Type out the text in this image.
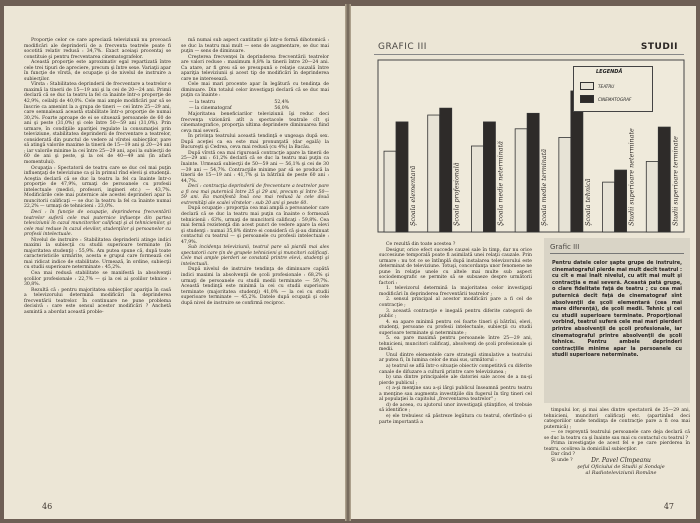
Proporţie celor ce care apreciază televiziunii nu provoacă modificări ale deprinderii de a frecventa teatrele poate fi socotită relativ redusă : 34,7%. Exact aceiaşi procentaj se constituie şi pentru frecventarea cinematografelor.

Această proporţie este aproximativ egal repartizată între cele trei tipuri de apreciere, precum şi între sexe. Variaţii apar în funcţie de vîrstă, de ocupaţie şi de nivelul de instruire a subiecţilor.

Vîrsta : Stabilitatea deprinderii de frecventare a teatrelor e maximă la tinerii de 15—19 ani şi la cei de 20—24 ani. Primii declară că se duc la teatru la fel ca înainte într-o proporţie de 42,9%, ceilalţi de 40,0%. Cele mai ample modificări par să se înscrie ca amenint la a grupa de tineri — cei între 25—29 ani, care semnalează această stabilitate într-o proporţie de numai 30,2%. Foarte aproape de ei se situează persoanele de 60 de ani şi peste (31,0%) şi cele între 50—59 ani (31,0%). Prin urmare, în condiţiile apariţiei regulate la consumaţiei prin televiziune, stabilitatea deprinderii de frecventare a teatrelor, considerată din punctul de vedere al vîrstei subiecţilor, pare să atingă valorile maxime la tinerii de 15—19 ani şi 20—24 ani ; iar valorile minime la cei între 25—29 ani, apoi la subiecţii de 60 de ani şi peste, şi la cei de 40—49 ani (în afară momentului).

Ocupaţia : Spectatorii de teatru care se duc cel mai puţin influenţaţi de televiziune ca şi în primul rînd elevii şi studenţii. Aceştia declară că se duc la teatru la fel ca înainte într-o proporţie de 47,9%, urmaţi de persoanele cu profesii intelectuale (medici, profesori, ingineri etc.) — 43,7%. Modificările cele mai puternice ale acestei deprinderi apar la muncitorii calificaţi — se duc la teatru la fel ca înainte numai 22,2% — urmaţi de tehnicieni : 23,0%.

Deci : în funcţie de ocupaţie, deprinderea frecventării teatrelor suferă cele mai puternice influenţe din partea televiziunii în cazul muncitorilor calificaţi şi al tehnicienilor, şi cele mai reduse în cazul elevilor, studenţilor şi persoanelor cu profesii intelectuale.

Nivelul de instruire : Stabilitatea deprinderii atinge indici maximi la subiecţii cu studii superioare terminate (în majoritatea studenţi) : 55,9%. Am putea spune că, după toate caracteristicile urmărite, acesta e grupul care formează cel mai ridicat indice de stabilitate. Urmează, în ordine, subiecţii cu studii superioare neterminate : 45,2%.

Cea mai redusă stabilitate se manifestă la absolvenţii şcolilor profesionale : 22,7% — şi la cei ai şcolilor tehnice : 30,8%.

Rezultă că : pentru majoritatea subiecţilor apariţia în casă a televizorului determină modificări în deprinderea frecventării teatrelor. În continuare ne pune problema decisivă : care este sensul acestor modificări ? Anchetă asmintă a abordat această proble-

mă numai sub aspect cantitativ şi într-o formă dihotomică : se duc la teatru mai mult — sens de augmentare, se duc mai puţin — sens de diminuare.

Creşterea frecvenţei în deprinderea frecventării teatrelor are valori reduse : maximum 8,8% la tinerii între 20—24 ani. Ca atare, ar fi greu să se presupună o relaţie cauzală între apariţia televiziunii şi acest tip de modificări în deprinderea care ne interesează.

Cele mai mari procente apar în legătură cu tendinţa de diminuare. Din totalul celor investigaţi declară că se duc mai puţin ca înainte :

— la teatru	52,4%
— la cinematograf	56,0%

Majoritatea beneficiarilor televiziunii îşi reduc deci frecvenţa vizionării atît a spectacole teatrale cît şi cinematografice, proporţia ultima deprindere diminuarea fiind ceva mai severă.

În privinţa teatrului această tendinţă e ungeaşa după sex. După aceţiei ca ea este mai pronunţată (dar egală) la Bucureşti şi Cedrea, ceva mai redusă (cu 4%) la Bacău.

După vîrstă cea mai riguroasă contracţie apare la tinerii de 25—29 ani : 61,2% declară că se duc la teatru mai puţin ca înainte. Urmează subiecţii de 50—59 ani — 56,1% şi cei de 30—39 ani — 54,7%. Contracţiile minime par să se producă la tinerii de 15—19 ani : 41,7% şi la bătrînii de peste 60 ani : 44,7%.

Deci : contracţia deprinderii de frecventare a teatrelor pare a fi cea mai puternică între 25 şi 29 ani, precum şi între 50—59 ani. Ea manifestă însă cea mai redusă la cele două extremităţi ale scalei vîrstelor : sub 20 ani şi peste 60.

După ocupaţie : proporţia cea mai amplă a persoanelor care declară că se duc la teatru mai puţin ca înainte o formează tehnicienii : 63%, urmaţi de muncitorii calificaţi : 59,8%. Cea mai fermă rezistenţă din acest punct de vedere apare la elevi şi studenţi : numai 35,8% dintre ei consideră că şi-au diminuat contactul cu teatrul — şi persoanele cu profesii intelectuale : 47,9%.

Sub incidenţa televiziunii, teatrul pare să piardă mai ales spectatorii care ţin de grupele tehnicieni şi muncitori calificaţi. Cele mai ample pierderi se constată printre elevi, studenţi şi intelectuali.

După nivelul de instruire tendinţa de diminuare capătă indici maximi la absolvenţii de şcoli profesionale : 68,2% şi urmaţi de persoanele cu studii medii terminate — 59,7%. Această tendinţă este minimă la cei cu studii superioare terminate (majoritatea studenţi) 41,0% — la cei cu studii superioare terminate — 45,2%. Datele după ocupaţii şi cele după nivel de instruire se confirmă reciproc.

46
GRAFIC III	STUDII
Şcoala elementară	Şcoala profesională	Şcoala medie neterminată	Şcoala medie terminată	Şcoala tehnică	Studii superioare neterminate	Studii superioare terminate
LEGENDĂ
TEATRU
CINEMATOGRAF

Ce rezultă din toate acestea ?

Desigur, orice efect succede cauzei sale în timp, dar nu orice succesiune temporală poate fi asimilată unei relaţii cauzale. Prin urmare : nu tot ce se întîmplă după instalarea televizorului este determinat de televiziune. Totuşi, concordanţa unor fenomene ne pune în relaţie unele cu altele mai multe sub aspect sociodemografic se permite să se subsaeze despre următorii factori :

1. televizorul determină la majoritatea celor investigaţi modificări în deprinderea frecventării teatrelor ;

2. sensul principal al acestor modificări pare a fi cel de contracţie ;

3. această contracţie e inegală pentru diferite categorii de public ;

4. ea apare minimă pentru cei foarte tineri şi bătrîni, elevi, studenţi, persoane cu profesii intelectuale, subiecţii cu studii superioare terminate şi neterminate ;

5. ea pare maximă pentru persoanele între 25—29 ani, tehnicieni, muncitori calificaţi, absolvenţi de şcoli profesionale şi medii.

Unul dintre elementele care strategii stimulative a teatrului ar putea fi, în lumina celor de mai sus, următorul :

a) teatrul se află într-o situaţie obiectiv competitivă cu diferite canale de difuzare a culturii printre care televiziunea ;

b) una dintre principalele ale datoriei sale acces de a nu-şi pierde publicul ;

c) a-şi menţine sau a-şi lărgi publicul înseamnă pentru teatru a menţine sau augmenta investiţiile din fugerul în tîrg tineri cel al populaţiei la capitolul „frecventarea teatrelor" ;

d) de aceea, cu ajutorul unor investigaţii ştiinţifice, el trebuie să identifice ;

e) ele trebuiesc să păstreze legătura cu teatrul, ofertînd-o şi parte importantă a

Grafic III
Pentru datele celor şapte grupe de instruire, cinematograful pierde mai mult decît teatrul : cu cît e mai înalt nivelul, cu atît mai mult şi contracţia e mai severă. Această pată grupe, o clare fidelitate faţă de teatru ; cu cea mai puternică decît faţă de cinematograf sînt absolvenţii de şcoli elementară (cea mai mare diferenţă), de şcoli medii. Tehnic şi cei cu studii superioare terminate. Proporţional vorbind, teatrul suferă cele mai mari pierderi printre absolvenţii de şcoli profesionale, iar cinematograful printre absolvenţii de şcoli tehnice. Pentru ambele deprinderi contracţiile minime apar la persoanele cu studii superioare neterminate.

timpului lor, şi mai ales dintre spectatorii de 25—29 ani, tehnicieni, muncitori calificaţi etc. (apartinînd deci categoriilor unde tendinţa de contracţie pare a fi cea mai puternică) ;

— ce repreyntă teatrului persoanele care deja declară că se duc la teatru ca şi înainte sau mai cu contactul cu teatrul ?

Prima investigaţie de acest fel e pe care pierderea în teatru, ocolirea la domiciliul subiecţilor.

Dar cînd ?

Şi unde ?	Dr. Pavel Cîmpeanu
şeful Oficiului de Studii şi Sondaje
al Radioteleviziunii Române
47
